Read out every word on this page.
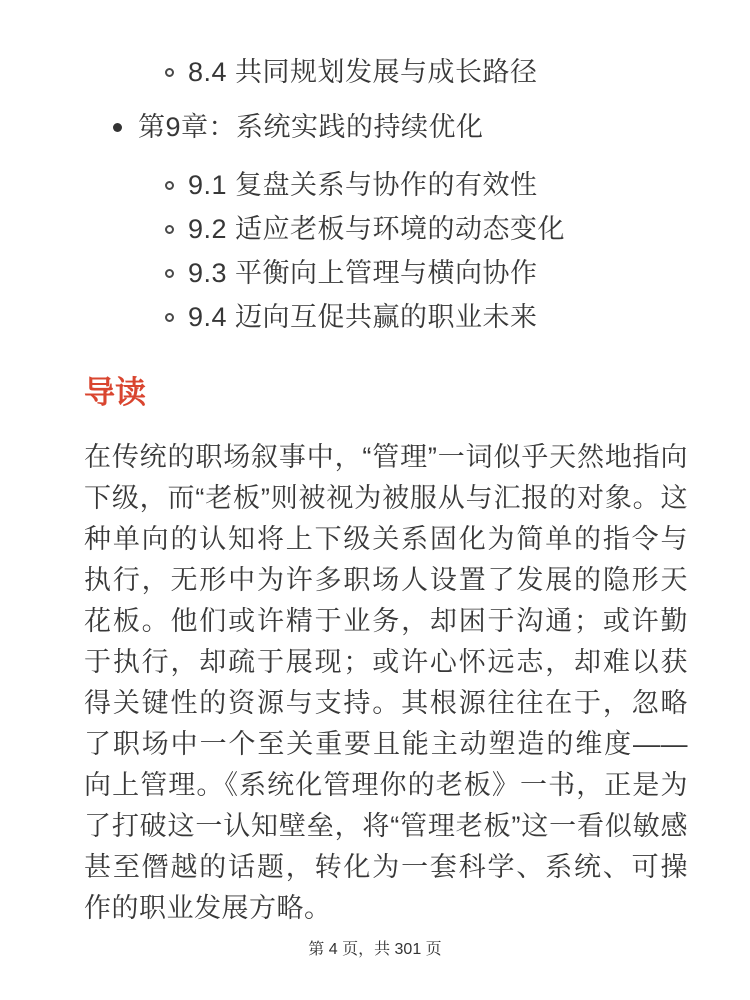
8.4 共同规划发展与成长路径
第9章：系统实践的持续优化
9.1 复盘关系与协作的有效性
9.2 适应老板与环境的动态变化
9.3 平衡向上管理与横向协作
9.4 迈向互促共赢的职业未来
导读

在传统的职场叙事中，“管理”一词似乎天然地指向下级，而“老板”则被视为被服从与汇报的对象。这种单向的认知将上下级关系固化为简单的指令与执行，无形中为许多职场人设置了发展的隐形天花板。他们或许精于业务，却困于沟通；或许勤于执行，却疏于展现；或许心怀远志，却难以获得关键性的资源与支持。其根源往往在于，忽略了职场中一个至关重要且能主动塑造的维度——向上管理。《系统化管理你的老板》一书，正是为了打破这一认知壁垒，将“管理老板”这一看似敏感甚至僭越的话题，转化为一套科学、系统、可操作的职业发展方略。

第 4 页，共 301 页
